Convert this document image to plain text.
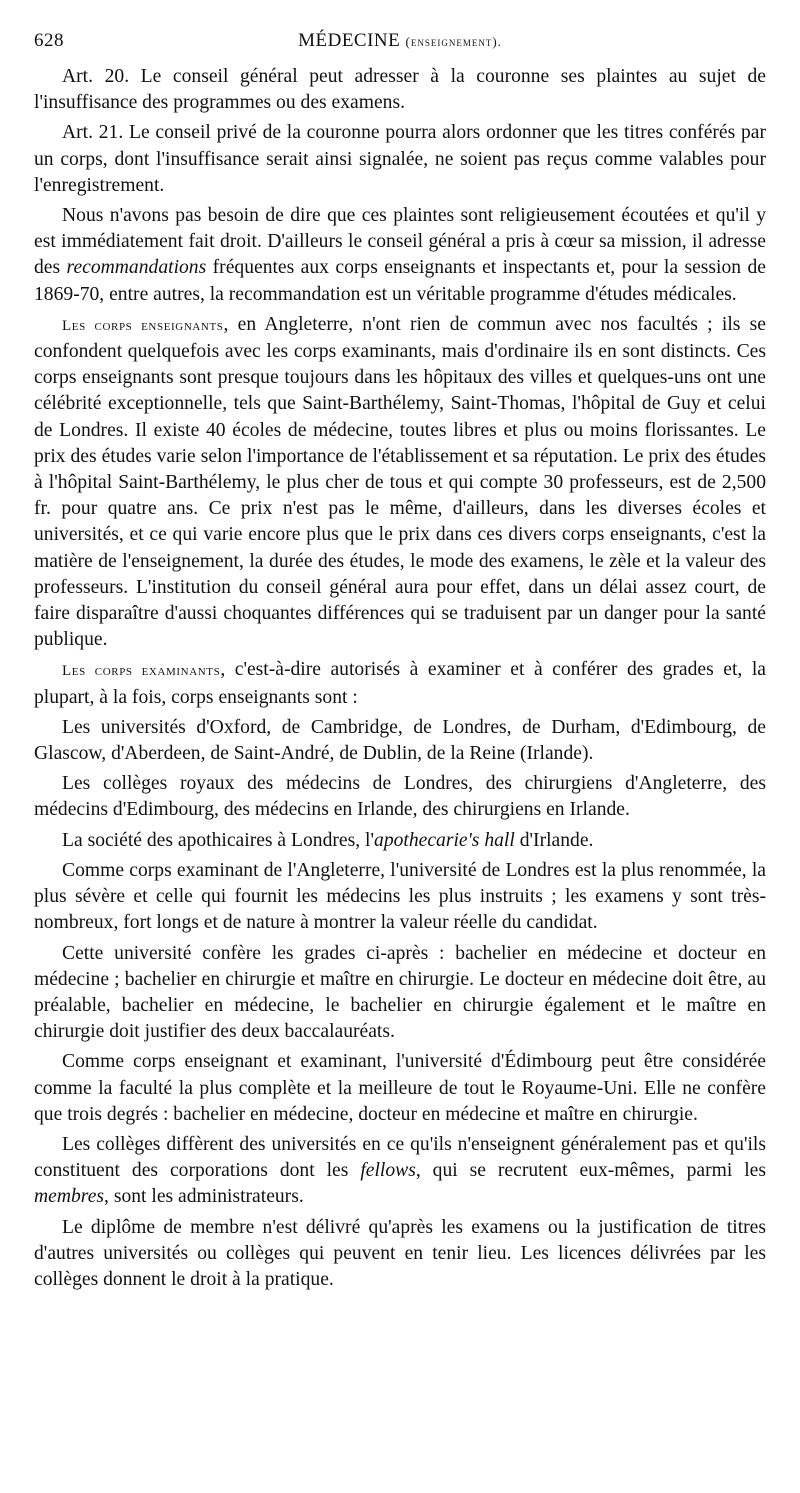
628	MÉDECINE (enseignement).

Art. 20. Le conseil général peut adresser à la couronne ses plaintes au sujet de l'insuffisance des programmes ou des examens.

Art. 21. Le conseil privé de la couronne pourra alors ordonner que les titres conférés par un corps, dont l'insuffisance serait ainsi signalée, ne soient pas reçus comme valables pour l'enregistrement.

Nous n'avons pas besoin de dire que ces plaintes sont religieusement écoutées et qu'il y est immédiatement fait droit. D'ailleurs le conseil général a pris à cœur sa mission, il adresse des recommandations fréquentes aux corps enseignants et inspectants et, pour la session de 1869-70, entre autres, la recommandation est un véritable programme d'études médicales.

Les corps enseignants, en Angleterre, n'ont rien de commun avec nos facultés ; ils se confondent quelquefois avec les corps examinants, mais d'ordinaire ils en sont distincts. Ces corps enseignants sont presque toujours dans les hôpitaux des villes et quelques-uns ont une célébrité exceptionnelle, tels que Saint-Barthélemy, Saint-Thomas, l'hôpital de Guy et celui de Londres. Il existe 40 écoles de médecine, toutes libres et plus ou moins florissantes. Le prix des études varie selon l'importance de l'établissement et sa réputation. Le prix des études à l'hôpital Saint-Barthélemy, le plus cher de tous et qui compte 30 professeurs, est de 2,500 fr. pour quatre ans. Ce prix n'est pas le même, d'ailleurs, dans les diverses écoles et universités, et ce qui varie encore plus que le prix dans ces divers corps enseignants, c'est la matière de l'enseignement, la durée des études, le mode des examens, le zèle et la valeur des professeurs. L'institution du conseil général aura pour effet, dans un délai assez court, de faire disparaître d'aussi choquantes différences qui se traduisent par un danger pour la santé publique.

Les corps examinants, c'est-à-dire autorisés à examiner et à conférer des grades et, la plupart, à la fois, corps enseignants sont :

Les universités d'Oxford, de Cambridge, de Londres, de Durham, d'Edimbourg, de Glascow, d'Aberdeen, de Saint-André, de Dublin, de la Reine (Irlande).

Les collèges royaux des médecins de Londres, des chirurgiens d'Angleterre, des médecins d'Edimbourg, des médecins en Irlande, des chirurgiens en Irlande.

La société des apothicaires à Londres, l'apothecarie's hall d'Irlande.

Comme corps examinant de l'Angleterre, l'université de Londres est la plus renommée, la plus sévère et celle qui fournit les médecins les plus instruits ; les examens y sont très-nombreux, fort longs et de nature à montrer la valeur réelle du candidat.

Cette université confère les grades ci-après : bachelier en médecine et docteur en médecine ; bachelier en chirurgie et maître en chirurgie. Le docteur en médecine doit être, au préalable, bachelier en médecine, le bachelier en chirurgie également et le maître en chirurgie doit justifier des deux baccalauréats.

Comme corps enseignant et examinant, l'université d'Édimbourg peut être considérée comme la faculté la plus complète et la meilleure de tout le Royaume-Uni. Elle ne confère que trois degrés : bachelier en médecine, docteur en médecine et maître en chirurgie.

Les collèges diffèrent des universités en ce qu'ils n'enseignent généralement pas et qu'ils constituent des corporations dont les fellows, qui se recrutent eux-mêmes, parmi les membres, sont les administrateurs.

Le diplôme de membre n'est délivré qu'après les examens ou la justification de titres d'autres universités ou collèges qui peuvent en tenir lieu. Les licences délivrées par les collèges donnent le droit à la pratique.
